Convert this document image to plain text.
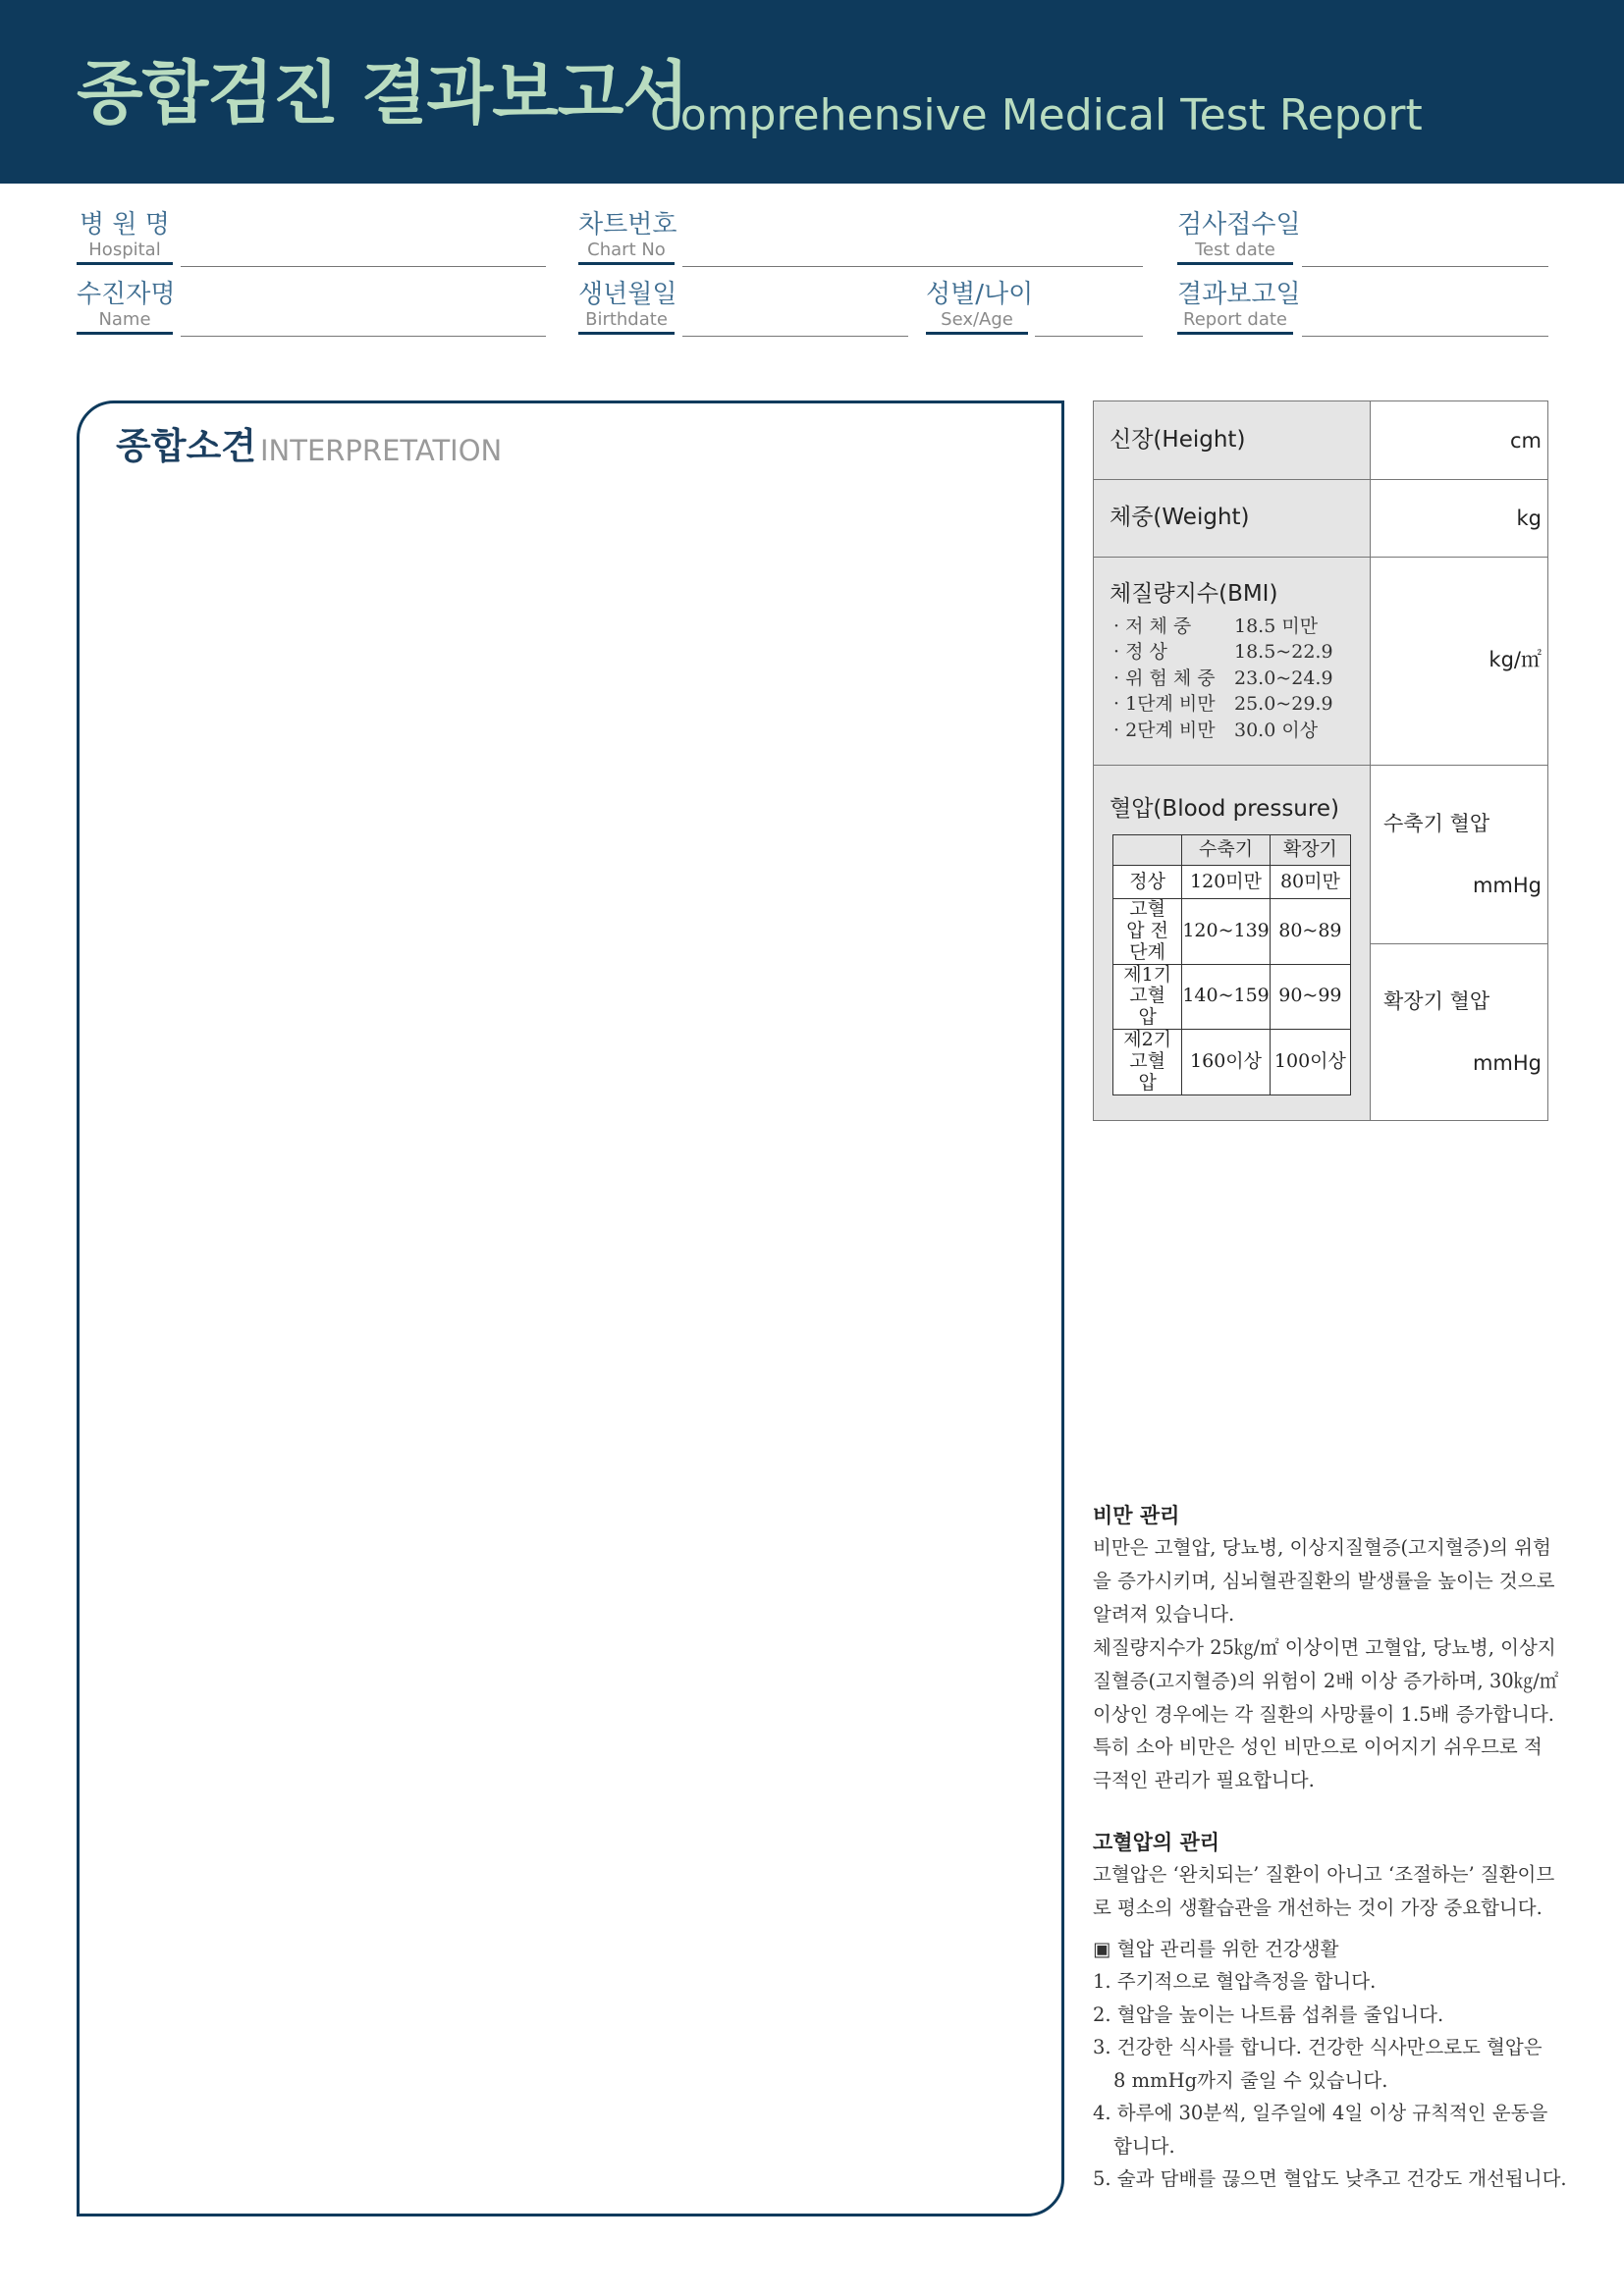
종합검진 결과보고서
Comprehensive Medical Test Report
병 원 명
Hospital
차트번호
Chart No
검사접수일
Test date
수진자명
Name
생년월일
Birthdate
성별/나이
Sex/Age
결과보고일
Report date
종합소견 INTERPRETATION	신장(Height)	cm
체중(Weight)	kg
체질량지수(BMI)
· 저 체 중 18.5 미만
· 정 상	18.5~22.9
· 위 험 체 중 23.0~24.9
· 1단계 비만 25.0~29.9
· 2단계 비만 30.0 이상
kg/㎡
혈압(Blood pressure)
	수축기	확장기
정상	120미만	80미만
고혈압 전단계	120~139	80~89
제1기 고혈압	140~159	90~99
제2기 고혈압	160이상	100이상
수축기 혈압
mmHg
확장기 혈압
mmHg
비만 관리
비만은 고혈압, 당뇨병, 이상지질혈증(고지혈증)의 위험
을 증가시키며, 심뇌혈관질환의 발생률을 높이는 것으로
알려져 있습니다.
체질량지수가 25㎏/㎡ 이상이면 고혈압, 당뇨병, 이상지
질혈증(고지혈증)의 위험이 2배 이상 증가하며, 30㎏/㎡
이상인 경우에는 각 질환의 사망률이 1.5배 증가합니다.
특히 소아 비만은 성인 비만으로 이어지기 쉬우므로 적
극적인 관리가 필요합니다.
고혈압의 관리
고혈압은 ‘완치되는’ 질환이 아니고 ‘조절하는’ 질환이므
로 평소의 생활습관을 개선하는 것이 가장 중요합니다.
▣ 혈압 관리를 위한 건강생활
1. 주기적으로 혈압측정을 합니다.
2. 혈압을 높이는 나트륨 섭취를 줄입니다.
3. 건강한 식사를 합니다. 건강한 식사만으로도 혈압은
8 mmHg까지 줄일 수 있습니다.
4. 하루에 30분씩, 일주일에 4일 이상 규칙적인 운동을
합니다.
5. 술과 담배를 끊으면 혈압도 낮추고 건강도 개선됩니다.
